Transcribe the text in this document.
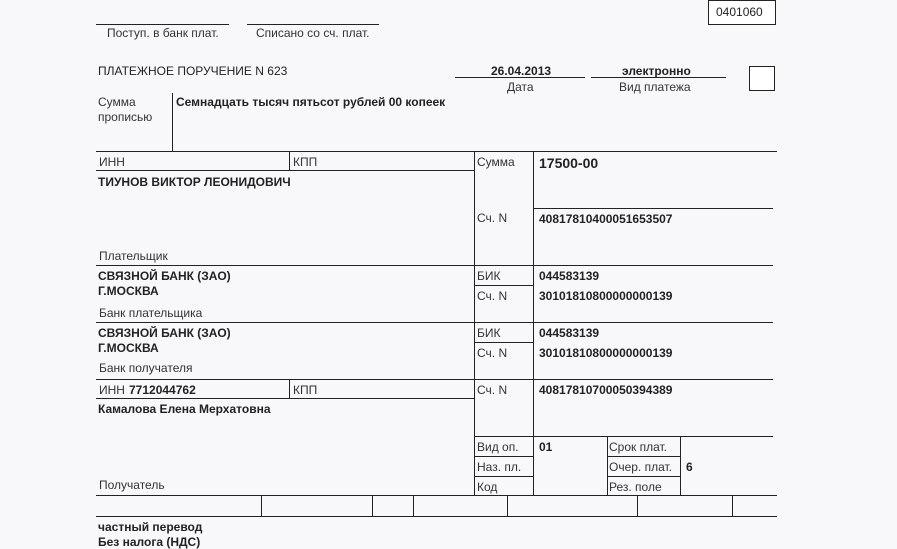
0401060
Поступ. в банк плат.	Списано со сч. плат.
ПЛАТЕЖНОЕ ПОРУЧЕНИЕ N 623	26.04.2013
Дата
электронно
Вид платежа
Сумма
прописью
Семнадцать тысяч пятьсот рублей 00 копеек
ИНН	КПП
ТИУНОВ ВИКТОР ЛЕОНИДОВИЧ
Плательщик
Сумма 17500-00
Сч. N	40817810400051653507
СВЯЗНОЙ БАНК (ЗАО)
Г.МОСКВА
Банк плательщика
БИК	044583139
Сч. N	30101810800000000139
СВЯЗНОЙ БАНК (ЗАО)
Г.МОСКВА
Банк получателя
БИК	044583139
Сч. N	30101810800000000139
ИНН 7712044762	КПП
Камалова Елена Мерхатовна
Получатель
Сч. N	40817810700050394389
Вид оп. 01
Наз. пл.
Код
Срок плат.
Очер. плат. 6
Рез. поле
частный перевод
Без налога (НДС)
